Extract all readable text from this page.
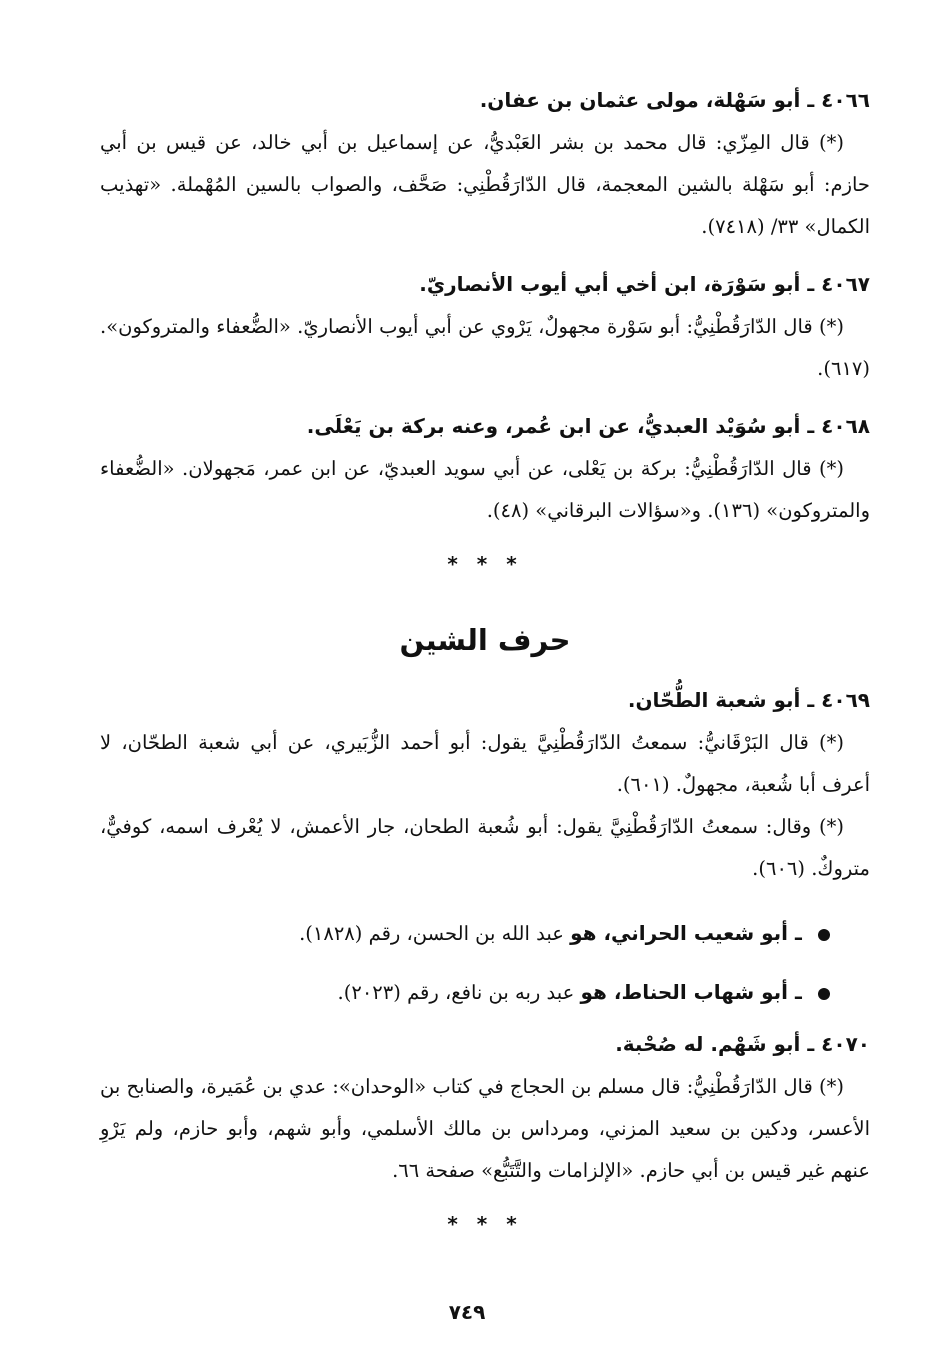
٤٠٦٦ ـ أبو سَهْلة، مولى عثمان بن عفان.

(*) قال المِزّي: قال محمد بن بشر العَبْديُّ، عن إسماعيل بن أبي خالد، عن قيس بن أبي حازم: أبو سَهْلة بالشين المعجمة، قال الدّارَقُطْنِي: صَحَّف، والصواب بالسين المُهْملة. «تهذيب الكمال» ٣٣/ (٧٤١٨).

٤٠٦٧ ـ أبو سَوْرَة، ابن أخي أبي أيوب الأنصاريّ.

(*) قال الدّارَقُطْنِيُّ: أبو سَوْرة مجهولٌ، يَرْوي عن أبي أيوب الأنصاريّ. «الضُّعفاء والمتروكون». (٦١٧).

٤٠٦٨ ـ أبو سُوَيْد العبديُّ، عن ابن عُمر، وعنه بركة بن يَعْلَى.

(*) قال الدّارَقُطْنِيُّ: بركة بن يَعْلى، عن أبي سويد العبديّ، عن ابن عمر، مَجهولان. «الضُّعفاء والمتروكون» (١٣٦). و«سؤالات البرقاني» (٤٨).

* * *

حرف الشين

٤٠٦٩ ـ أبو شعبة الطُّحّان.

(*) قال البَرْقَانيُّ: سمعتُ الدّارَقُطْنِيَّ يقول: أبو أحمد الزُّبَيري، عن أبي شعبة الطحّان، لا أعرف أبا شُعبة، مجهولٌ. (٦٠١).

(*) وقال: سمعتُ الدّارَقُطْنِيَّ يقول: أبو شُعبة الطحان، جار الأعمش، لا يُعْرف اسمه، كوفيٌّ، متروكٌ. (٦٠٦).

ـ أبو شعيب الحراني، هو عبد الله بن الحسن، رقم (١٨٢٨).

ـ أبو شهاب الحناط، هو عبد ربه بن نافع، رقم (٢٠٢٣).

٤٠٧٠ ـ أبو شَهْم. له صُحْبة.

(*) قال الدّارَقُطْنِيُّ: قال مسلم بن الحجاج في كتاب «الوحدان»: عدي بن عُمَيرة، والصنابح بن الأعسر، ودكين بن سعيد المزني، ومرداس بن مالك الأسلمي، وأبو شهم، وأبو حازم، ولم يَرْوِ عنهم غير قيس بن أبي حازم. «الإلزامات والتَّتَبُّع» صفحة ٦٦.

* * *

٧٤٩
